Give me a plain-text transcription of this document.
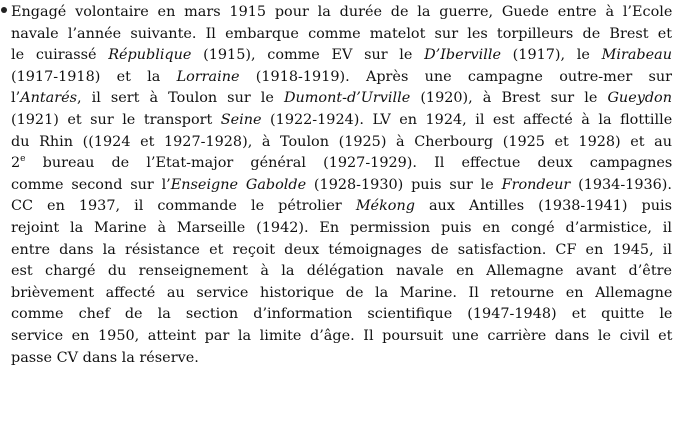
Engagé volontaire en mars 1915 pour la durée de la guerre, Guede entre à l’Ecole
navale l’année suivante. Il embarque comme matelot sur les torpilleurs de Brest et
le cuirassé République (1915), comme EV sur le D’Iberville (1917), le Mirabeau
(1917-1918) et la Lorraine (1918-1919). Après une campagne outre-mer sur
l’Antarés, il sert à Toulon sur le Dumont-d’Urville (1920), à Brest sur le Gueydon
(1921) et sur le transport Seine (1922-1924). LV en 1924, il est affecté à la flottille
du Rhin ((1924 et 1927-1928), à Toulon (1925) à Cherbourg (1925 et 1928) et au
2e bureau de l’Etat-major général (1927-1929). Il effectue deux campagnes
comme second sur l’Enseigne Gabolde (1928-1930) puis sur le Frondeur (1934-1936).
CC en 1937, il commande le pétrolier Mékong aux Antilles (1938-1941) puis
rejoint la Marine à Marseille (1942). En permission puis en congé d’armistice, il
entre dans la résistance et reçoit deux témoignages de satisfaction. CF en 1945, il
est chargé du renseignement à la délégation navale en Allemagne avant d’être
brièvement affecté au service historique de la Marine. Il retourne en Allemagne
comme chef de la section d’information scientifique (1947-1948) et quitte le
service en 1950, atteint par la limite d’âge. Il poursuit une carrière dans le civil et
passe CV dans la réserve.
